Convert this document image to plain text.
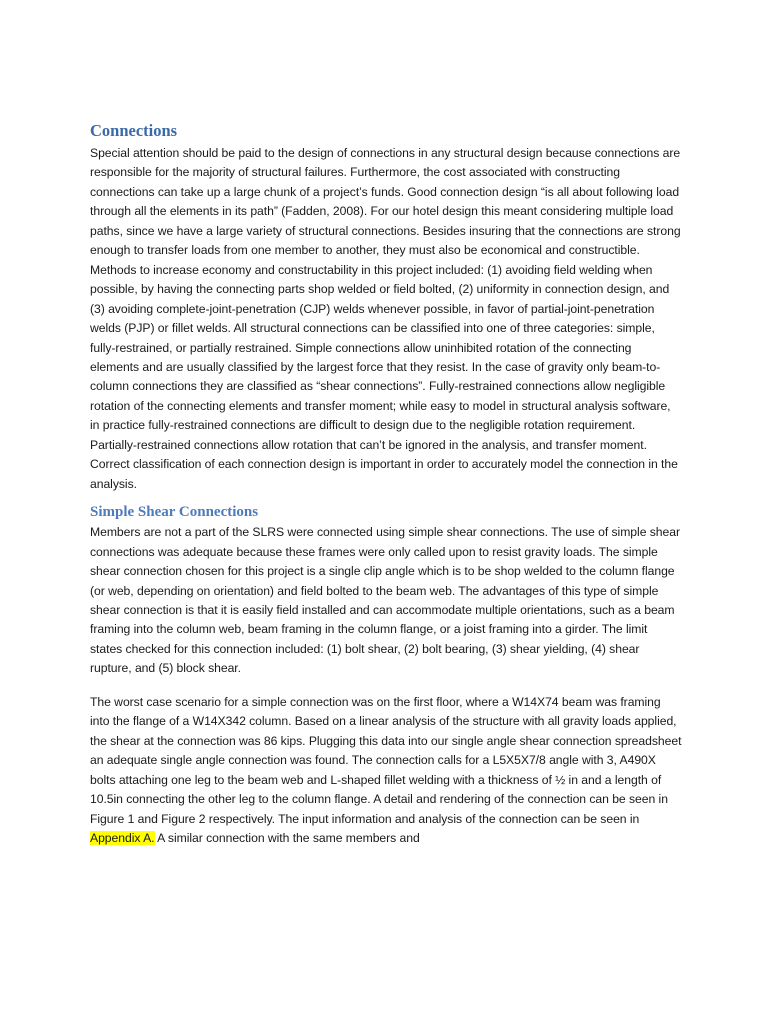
Connections

Special attention should be paid to the design of connections in any structural design because connections are responsible for the majority of structural failures. Furthermore, the cost associated with constructing connections can take up a large chunk of a project’s funds. Good connection design “is all about following load through all the elements in its path” (Fadden, 2008). For our hotel design this meant considering multiple load paths, since we have a large variety of structural connections. Besides insuring that the connections are strong enough to transfer loads from one member to another, they must also be economical and constructible. Methods to increase economy and constructability in this project included: (1) avoiding field welding when possible, by having the connecting parts shop welded or field bolted, (2) uniformity in connection design, and (3) avoiding complete-joint-penetration (CJP) welds whenever possible, in favor of partial-joint-penetration welds (PJP) or fillet welds. All structural connections can be classified into one of three categories: simple, fully-restrained, or partially restrained. Simple connections allow uninhibited rotation of the connecting elements and are usually classified by the largest force that they resist. In the case of gravity only beam-to-column connections they are classified as “shear connections”. Fully-restrained connections allow negligible rotation of the connecting elements and transfer moment; while easy to model in structural analysis software, in practice fully-restrained connections are difficult to design due to the negligible rotation requirement. Partially-restrained connections allow rotation that can’t be ignored in the analysis, and transfer moment. Correct classification of each connection design is important in order to accurately model the connection in the analysis.

Simple Shear Connections

Members are not a part of the SLRS were connected using simple shear connections. The use of simple shear connections was adequate because these frames were only called upon to resist gravity loads. The simple shear connection chosen for this project is a single clip angle which is to be shop welded to the column flange (or web, depending on orientation) and field bolted to the beam web. The advantages of this type of simple shear connection is that it is easily field installed and can accommodate multiple orientations, such as a beam framing into the column web, beam framing in the column flange, or a joist framing into a girder. The limit states checked for this connection included: (1) bolt shear, (2) bolt bearing, (3) shear yielding, (4) shear rupture, and (5) block shear.

The worst case scenario for a simple connection was on the first floor, where a W14X74 beam was framing into the flange of a W14X342 column. Based on a linear analysis of the structure with all gravity loads applied, the shear at the connection was 86 kips. Plugging this data into our single angle shear connection spreadsheet an adequate single angle connection was found. The connection calls for a L5X5X7/8 angle with 3, A490X bolts attaching one leg to the beam web and L-shaped fillet welding with a thickness of ½ in and a length of 10.5in connecting the other leg to the column flange. A detail and rendering of the connection can be seen in Figure 1 and Figure 2 respectively. The input information and analysis of the connection can be seen in Appendix A. A similar connection with the same members and
